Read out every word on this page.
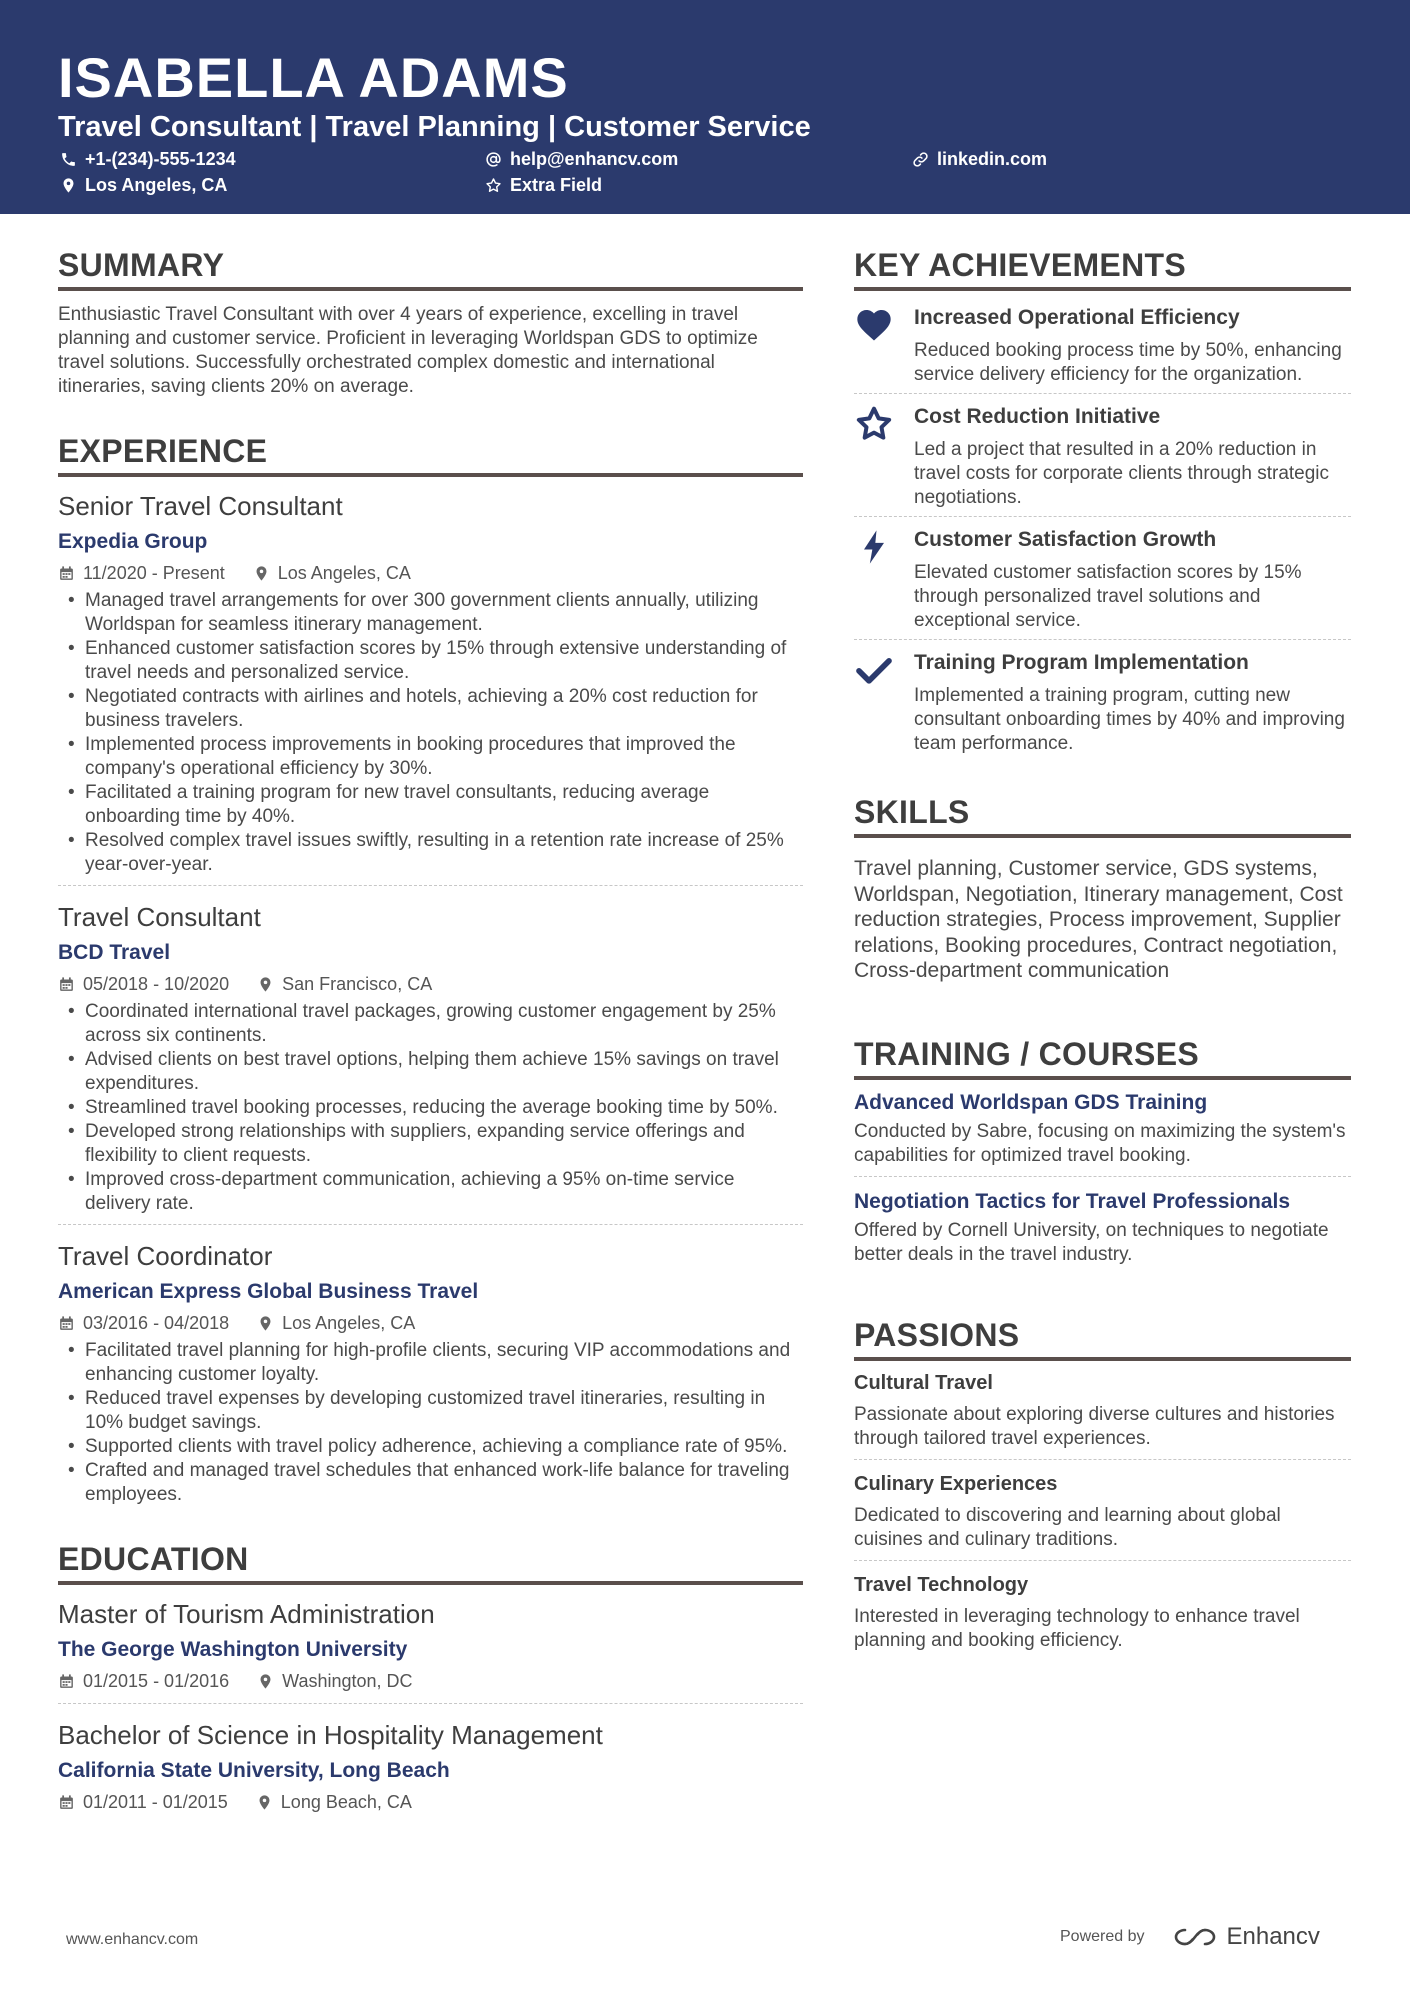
ISABELLA ADAMS
Travel Consultant | Travel Planning | Customer Service
+1-(234)-555-1234	help@enhancv.com	linkedin.com
Los Angeles, CA	Extra Field
SUMMARY
Enthusiastic Travel Consultant with over 4 years of experience, excelling in travel planning and customer service. Proficient in leveraging Worldspan GDS to optimize travel solutions. Successfully orchestrated complex domestic and international itineraries, saving clients 20% on average.
EXPERIENCE
Senior Travel Consultant
Expedia Group
11/2020 - Present	Los Angeles, CA
• Managed travel arrangements for over 300 government clients annually, utilizing Worldspan for seamless itinerary management.
• Enhanced customer satisfaction scores by 15% through extensive understanding of travel needs and personalized service.
• Negotiated contracts with airlines and hotels, achieving a 20% cost reduction for business travelers.
• Implemented process improvements in booking procedures that improved the company's operational efficiency by 30%.
• Facilitated a training program for new travel consultants, reducing average onboarding time by 40%.
• Resolved complex travel issues swiftly, resulting in a retention rate increase of 25% year-over-year.
Travel Consultant
BCD Travel
05/2018 - 10/2020	San Francisco, CA
• Coordinated international travel packages, growing customer engagement by 25% across six continents.
• Advised clients on best travel options, helping them achieve 15% savings on travel expenditures.
• Streamlined travel booking processes, reducing the average booking time by 50%.
• Developed strong relationships with suppliers, expanding service offerings and flexibility to client requests.
• Improved cross-department communication, achieving a 95% on-time service delivery rate.
Travel Coordinator
American Express Global Business Travel
03/2016 - 04/2018	Los Angeles, CA
• Facilitated travel planning for high-profile clients, securing VIP accommodations and enhancing customer loyalty.
• Reduced travel expenses by developing customized travel itineraries, resulting in 10% budget savings.
• Supported clients with travel policy adherence, achieving a compliance rate of 95%.
• Crafted and managed travel schedules that enhanced work-life balance for traveling employees.
EDUCATION
Master of Tourism Administration
The George Washington University
01/2015 - 01/2016	Washington, DC
Bachelor of Science in Hospitality Management
California State University, Long Beach
01/2011 - 01/2015	Long Beach, CA
KEY ACHIEVEMENTS
Increased Operational Efficiency
Reduced booking process time by 50%, enhancing service delivery efficiency for the organization.
Cost Reduction Initiative
Led a project that resulted in a 20% reduction in travel costs for corporate clients through strategic negotiations.
Customer Satisfaction Growth
Elevated customer satisfaction scores by 15% through personalized travel solutions and exceptional service.
Training Program Implementation
Implemented a training program, cutting new consultant onboarding times by 40% and improving team performance.
SKILLS
Travel planning, Customer service, GDS systems, Worldspan, Negotiation, Itinerary management, Cost reduction strategies, Process improvement, Supplier relations, Booking procedures, Contract negotiation, Cross-department communication
TRAINING / COURSES
Advanced Worldspan GDS Training
Conducted by Sabre, focusing on maximizing the system's capabilities for optimized travel booking.
Negotiation Tactics for Travel Professionals
Offered by Cornell University, on techniques to negotiate better deals in the travel industry.
PASSIONS
Cultural Travel
Passionate about exploring diverse cultures and histories through tailored travel experiences.
Culinary Experiences
Dedicated to discovering and learning about global cuisines and culinary traditions.
Travel Technology
Interested in leveraging technology to enhance travel planning and booking efficiency.
www.enhancv.com	Powered by	Enhancv
